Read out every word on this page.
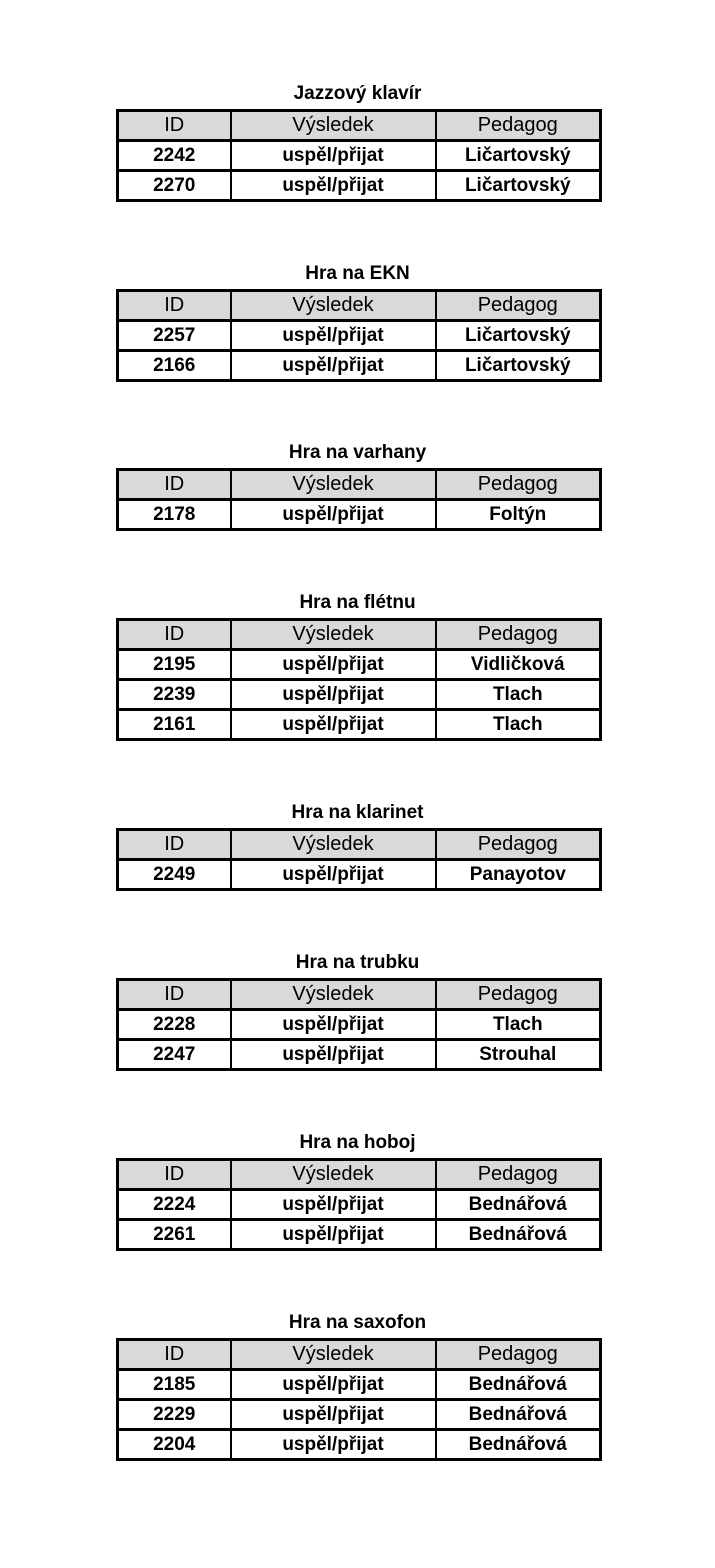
Jazzový klavír
ID	Výsledek	Pedagog
2242	uspěl/přijat	Ličartovský
2270	uspěl/přijat	Ličartovský
Hra na EKN
ID	Výsledek	Pedagog
2257	uspěl/přijat	Ličartovský
2166	uspěl/přijat	Ličartovský
Hra na varhany
ID	Výsledek	Pedagog
2178	uspěl/přijat	Foltýn
Hra na flétnu
ID	Výsledek	Pedagog
2195	uspěl/přijat	Vidličková
2239	uspěl/přijat	Tlach
2161	uspěl/přijat	Tlach
Hra na klarinet
ID	Výsledek	Pedagog
2249	uspěl/přijat	Panayotov
Hra na trubku
ID	Výsledek	Pedagog
2228	uspěl/přijat	Tlach
2247	uspěl/přijat	Strouhal
Hra na hoboj
ID	Výsledek	Pedagog
2224	uspěl/přijat	Bednářová
2261	uspěl/přijat	Bednářová
Hra na saxofon
ID	Výsledek	Pedagog
2185	uspěl/přijat	Bednářová
2229	uspěl/přijat	Bednářová
2204	uspěl/přijat	Bednářová
